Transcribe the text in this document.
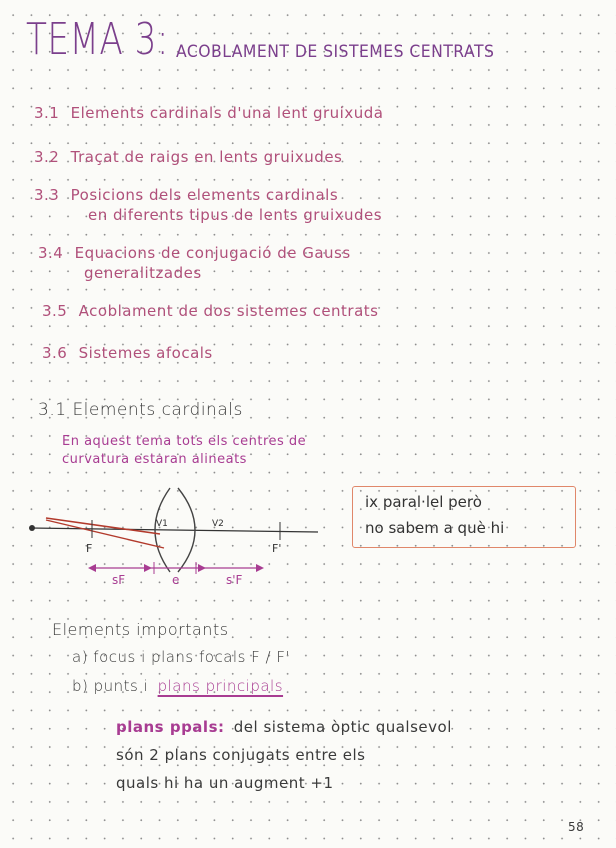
TEMA 3: ACOBLAMENT DE SISTEMES CENTRATS
3.1 Elements cardinals d'una lent gruixuda
3.2 Traçat de raigs en lents gruixudes
3.3 Posicions dels elements cardinals
en diferents tipus de lents gruixudes
3.4 Equacions de conjugació de Gauss
generalitzades
3.5 Acoblament de dos sistemes centrats
3.6 Sistemes afocals
3.1 Elements cardinals
En aquest tema tots els centres de
curvatura estaran alineats
F	F'
V1	V2
sF	e	s'F
ix paral·lel però
no sabem a què hi
Elements importants
a) focus i plans focals F / F'
b) punts i plans principals
plans ppals: del sistema òptic qualsevol
són 2 plans conjugats entre els
quals hi ha un augment +1
58
